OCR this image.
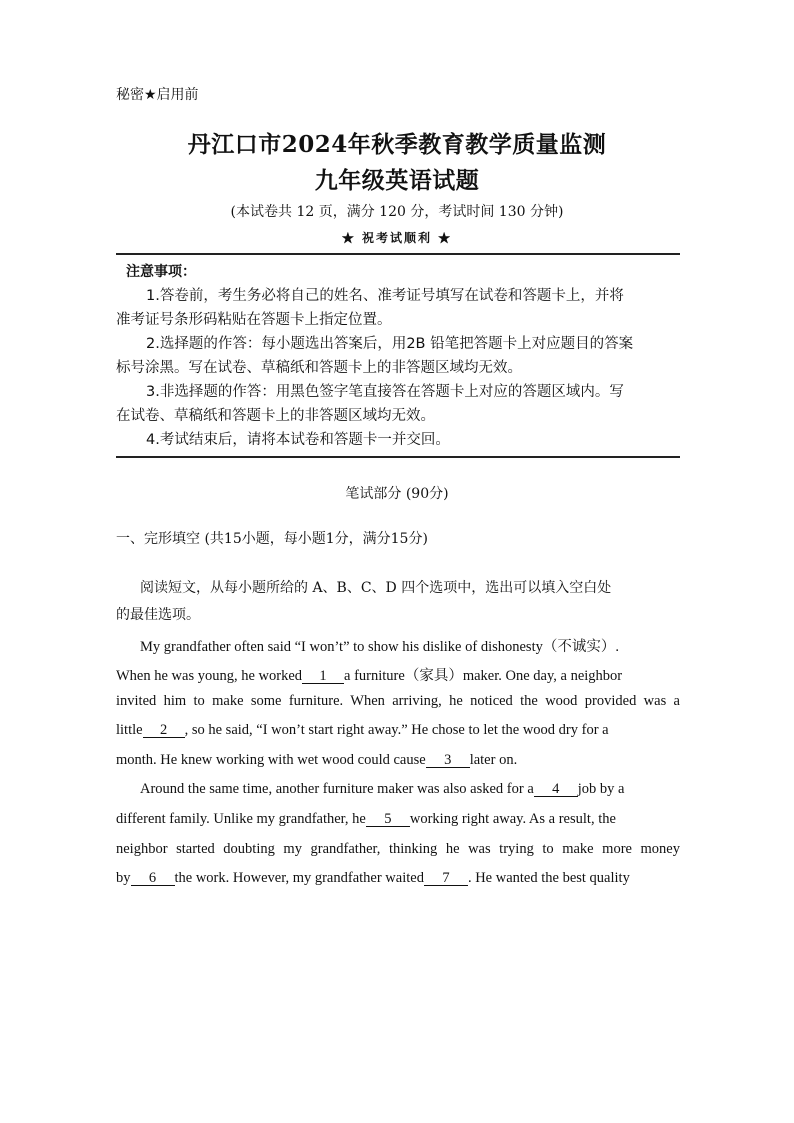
秘密★启用前
丹江口市2024年秋季教育教学质量监测
九年级英语试题
(本试卷共 12 页，满分 120 分，考试时间 130 分钟)
★ 祝考试顺利 ★
注意事项：
1.答卷前，考生务必将自己的姓名、准考证号填写在试卷和答题卡上，并将
准考证号条形码粘贴在答题卡上指定位置。
2.选择题的作答：每小题选出答案后，用2B 铅笔把答题卡上对应题目的答案
标号涂黑。写在试卷、草稿纸和答题卡上的非答题区域均无效。
3.非选择题的作答：用黑色签字笔直接答在答题卡上对应的答题区域内。写
在试卷、草稿纸和答题卡上的非答题区域均无效。
4.考试结束后，请将本试卷和答题卡一并交回。
笔试部分 (90分)
一、完形填空 (共15小题，每小题1分，满分15分)
阅读短文，从每小题所给的 A、B、C、D 四个选项中，选出可以填入空白处
的最佳选项。
My grandfather often said “I won’t” to show his dislike of dishonesty（不诚实）.
When he was young, he worked 1 a furniture（家具）maker. One day, a neighbor
invited him to make some furniture. When arriving, he noticed the wood provided was a
little 2 , so he said, “I won’t start right away.” He chose to let the wood dry for a
month. He knew working with wet wood could cause 3 later on.
Around the same time, another furniture maker was also asked for a 4 job by a
different family. Unlike my grandfather, he 5 working right away. As a result, the
neighbor started doubting my grandfather, thinking he was trying to make more money
by 6 the work. However, my grandfather waited 7 . He wanted the best quality
